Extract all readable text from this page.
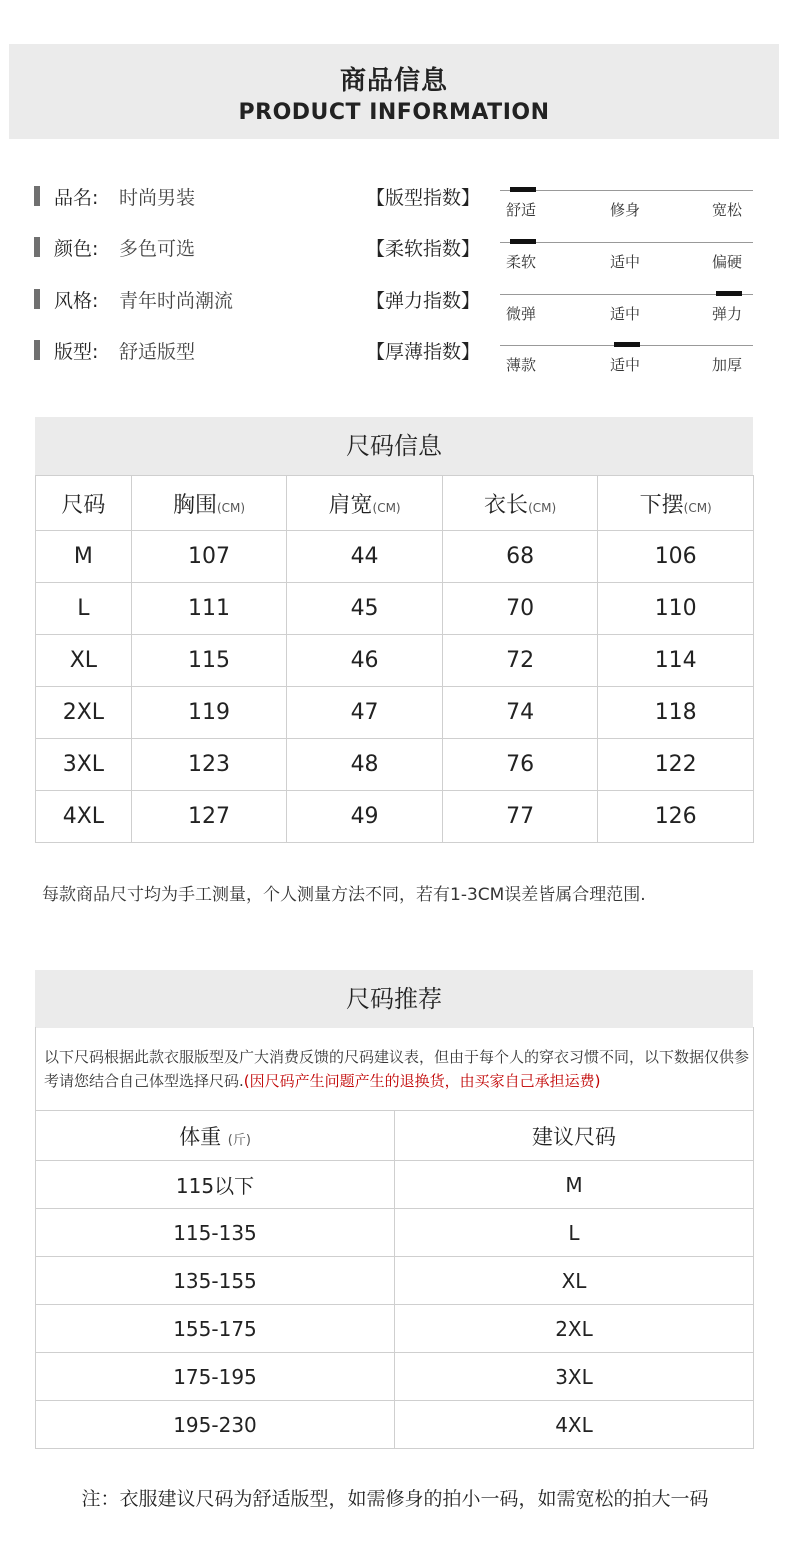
商品信息
PRODUCT INFORMATION
品名: 时尚男装
颜色: 多色可选
风格: 青年时尚潮流
版型: 舒适版型
【版型指数】
舒适	修身	宽松
【柔软指数】
柔软	适中	偏硬
【弹力指数】
微弹	适中	弹力
【厚薄指数】
薄款	适中	加厚
尺码信息
尺码	胸围(CM)	肩宽(CM)	衣长(CM)	下摆(CM)
M	107	44	68	106
L	111	45	70	110
XL	115	46	72	114
2XL	119	47	74	118
3XL	123	48	76	122
4XL	127	49	77	126
每款商品尺寸均为手工测量，个人测量方法不同，若有1-3CM误差皆属合理范围.
尺码推荐
以下尺码根据此款衣服版型及广大消费反馈的尺码建议表，但由于每个人的穿衣习惯不同，以下数据仅供参考请您结合自己体型选择尺码.(因尺码产生问题产生的退换货，由买家自己承担运费)
体重 (斤)	建议尺码
115以下	M
115-135	L
135-155	XL
155-175	2XL
175-195	3XL
195-230	4XL
注：衣服建议尺码为舒适版型，如需修身的拍小一码，如需宽松的拍大一码
